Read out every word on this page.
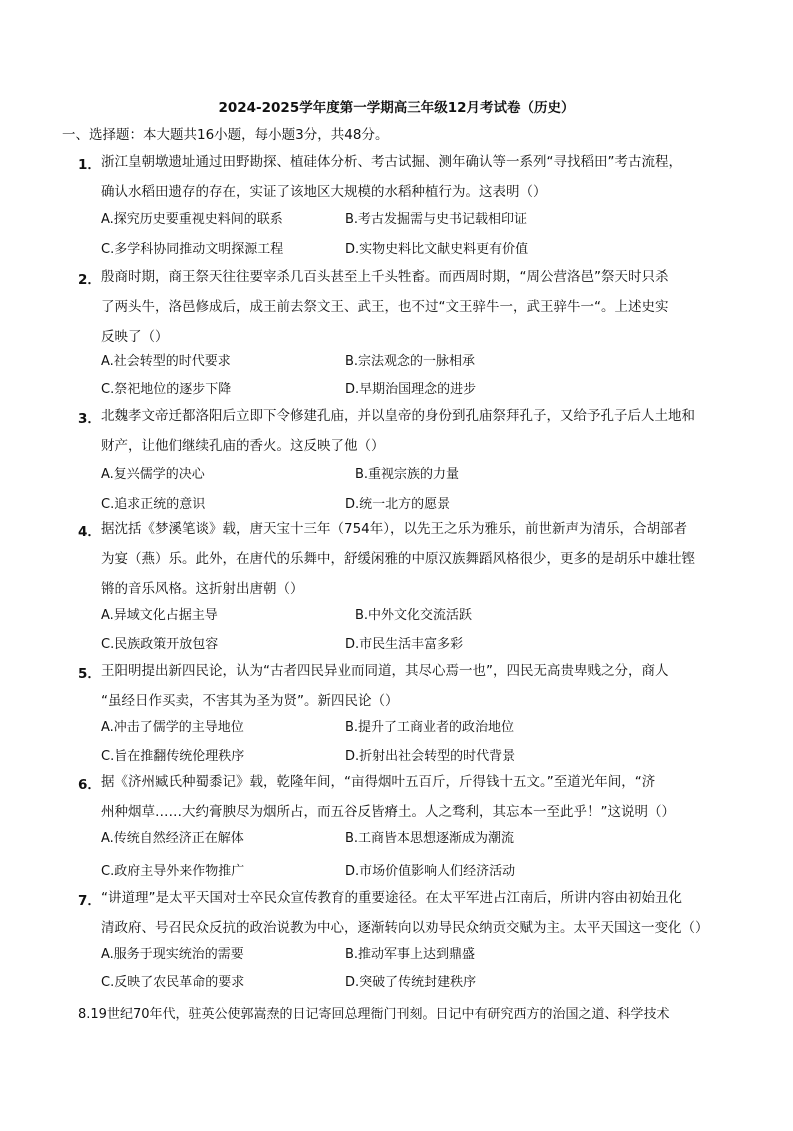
2024-2025学年度第一学期高三年级12月考试卷（历史）
一、选择题：本大题共16小题，每小题3分，共48分。
1． 浙江皇朝墩遗址通过田野勘探、植硅体分析、考古试掘、测年确认等一系列“寻找稻田”考古流程，
确认水稻田遗存的存在，实证了该地区大规模的水稻种植行为。这表明（）
A.探究历史要重视史料间的联系	B.考古发掘需与史书记载相印证
C.多学科协同推动文明探源工程	D.实物史料比文献史料更有价值
2． 殷商时期，商王祭天往往要宰杀几百头甚至上千头牲畜。而西周时期，“周公营洛邑”祭天时只杀
了两头牛，洛邑修成后，成王前去祭文王、武王，也不过“文王骍牛一，武王骍牛一“。上述史实
反映了（）
A.社会转型的时代要求	B.宗法观念的一脉相承
C.祭祀地位的逐步下降	D.早期治国理念的进步
3． 北魏孝文帝迁都洛阳后立即下令修建孔庙，并以皇帝的身份到孔庙祭拜孔子，又给予孔子后人土地和
财产，让他们继续孔庙的香火。这反映了他（）
A.复兴儒学的决心	B.重视宗族的力量
C.追求正统的意识	D.统一北方的愿景
4． 据沈括《梦溪笔谈》载，唐天宝十三年（754年），以先王之乐为雅乐，前世新声为清乐，合胡部者
为宴（燕）乐。此外，在唐代的乐舞中，舒缓闲雅的中原汉族舞蹈风格很少，更多的是胡乐中雄壮铿
锵的音乐风格。这折射出唐朝（）
A.异域文化占据主导	B.中外文化交流活跃
C.民族政策开放包容	D.市民生活丰富多彩
5． 王阳明提出新四民论，认为“古者四民异业而同道，其尽心焉一也”，四民无高贵卑贱之分，商人
“虽经日作买卖，不害其为圣为贤”。新四民论（）
A.冲击了儒学的主导地位	B.提升了工商业者的政治地位
C.旨在推翻传统伦理秩序	D.折射出社会转型的时代背景
6． 据《济州臧氏种蜀黍记》载，乾隆年间，“亩得烟叶五百斤，斤得钱十五文。”至道光年间，“济
州种烟草……大约膏腴尽为烟所占，而五谷反皆瘠土。人之骛利，其忘本一至此乎！”这说明（）
A.传统自然经济正在解体	B.工商皆本思想逐渐成为潮流
C.政府主导外来作物推广	D.市场价值影响人们经济活动
7． “讲道理”是太平天国对士卒民众宣传教育的重要途径。在太平军进占江南后，所讲内容由初始丑化
清政府、号召民众反抗的政治说教为中心，逐渐转向以劝导民众纳贡交赋为主。太平天国这一变化（）
A.服务于现实统治的需要	B.推动军事上达到鼎盛
C.反映了农民革命的要求	D.突破了传统封建秩序
8.19世纪70年代，驻英公使郭嵩焘的日记寄回总理衙门刊刻。日记中有研究西方的治国之道、科学技术
